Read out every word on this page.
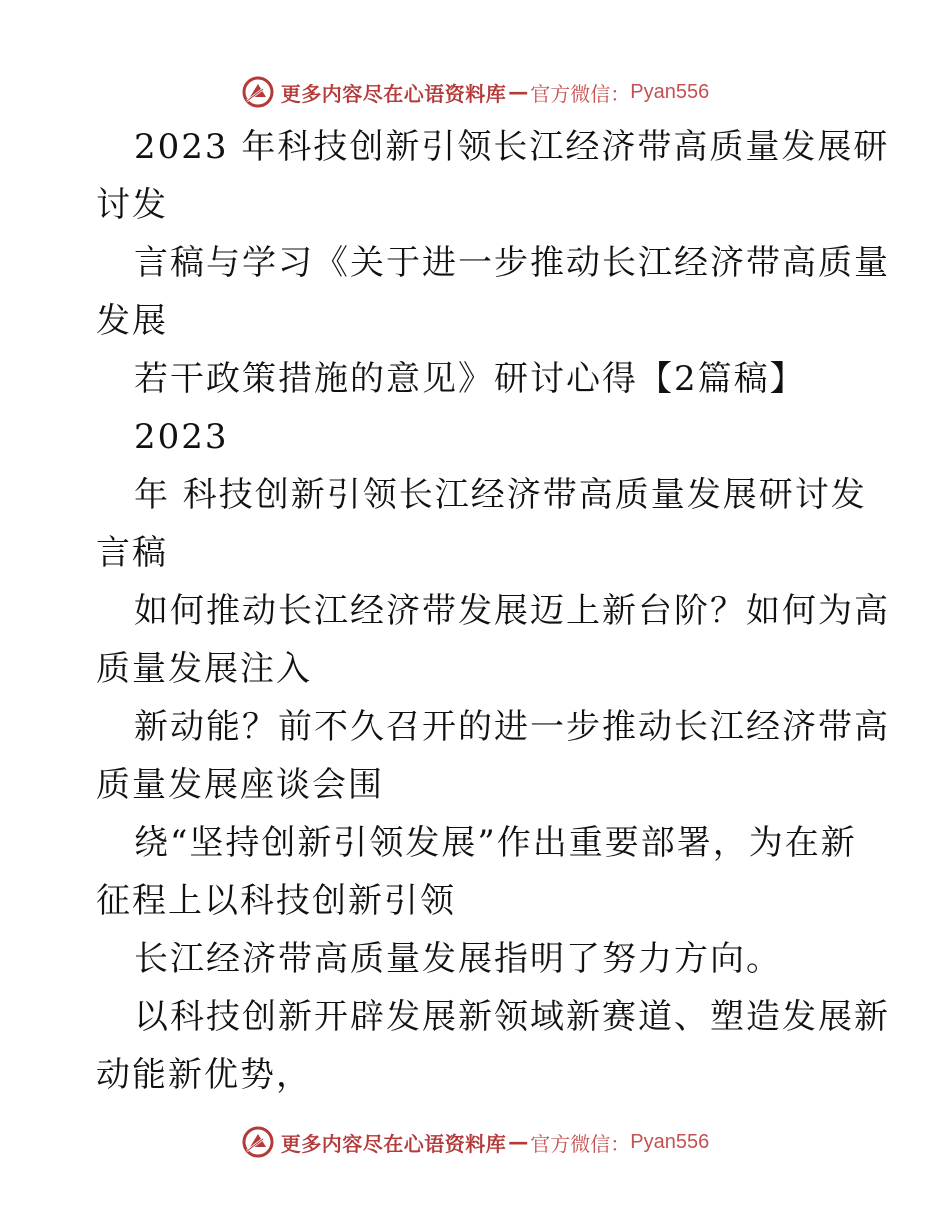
更多内容尽在心语资料库 — 官方微信： Pyan556
2023 年科技创新引领长江经济带高质量发展研
讨发
言稿与学习《关于进一步推动长江经济带高质量
发展
若干政策措施的意见》研讨心得【2篇稿】
2023
年 科技创新引领长江经济带高质量发展研讨发
言稿
如何推动长江经济带发展迈上新台阶？如何为高
质量发展注入
新动能？前不久召开的进一步推动长江经济带高
质量发展座谈会围
绕“坚持创新引领发展”作出重要部署，为在新
征程上以科技创新引领
长江经济带高质量发展指明了努力方向。
以科技创新开辟发展新领域新赛道、塑造发展新
动能新优势，
更多内容尽在心语资料库 — 官方微信： Pyan556
